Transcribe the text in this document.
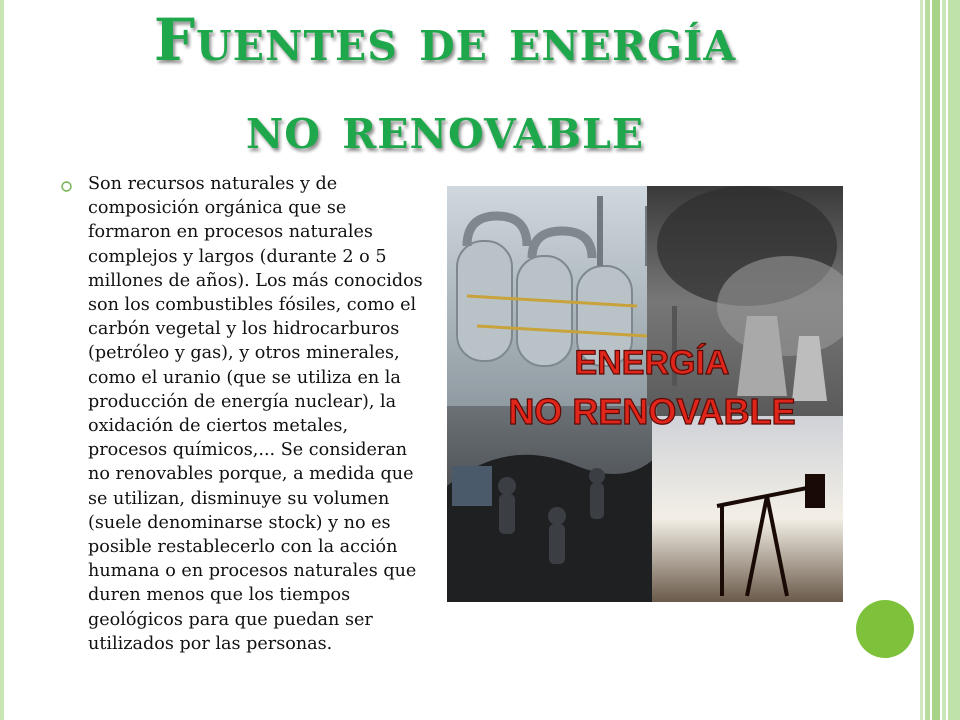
Fuentes de energía
no renovable

Son recursos naturales y de composición orgánica que se formaron en procesos naturales complejos y largos (durante 2 o 5 millones de años). Los más conocidos son los combustibles fósiles, como el carbón vegetal y los hidrocarburos (petróleo y gas), y otros minerales, como el uranio (que se utiliza en la producción de energía nuclear), la oxidación de ciertos metales, procesos químicos,... Se consideran no renovables porque, a medida que se utilizan, disminuye su volumen (suele denominarse stock) y no es posible restablecerlo con la acción humana o en procesos naturales que duren menos que los tiempos geológicos para que puedan ser utilizados por las personas.

ENERGÍA
NO RENOVABLE
